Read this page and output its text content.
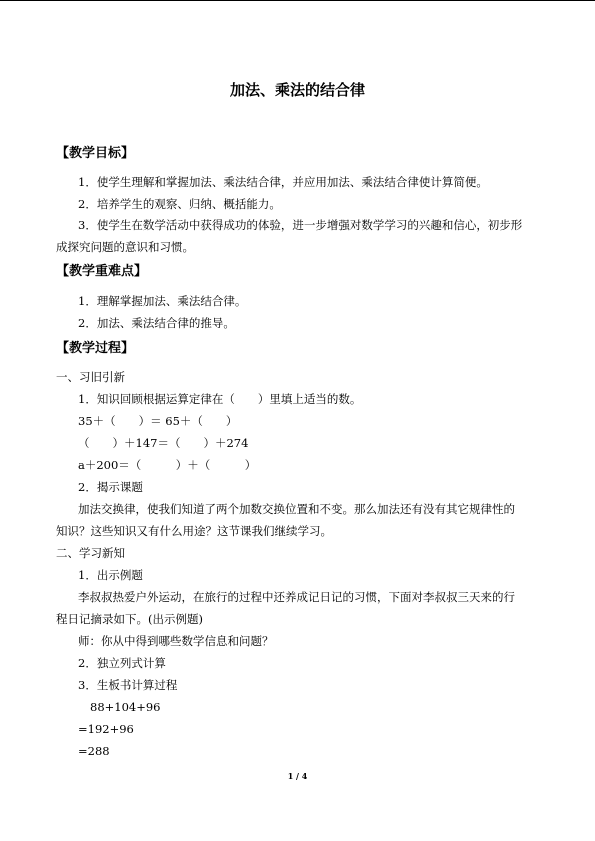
加法、乘法的结合律
【教学目标】
1．使学生理解和掌握加法、乘法结合律，并应用加法、乘法结合律使计算简便。
2．培养学生的观察、归纳、概括能力。
3．使学生在数学活动中获得成功的体验，进一步增强对数学学习的兴趣和信心，初步形
成探究问题的意识和习惯。
【教学重难点】
1．理解掌握加法、乘法结合律。
2．加法、乘法结合律的推导。
【教学过程】
一、习旧引新
1．知识回顾根据运算定律在（　　）里填上适当的数。
35＋（　　）＝ 65＋（　　）
（　　）＋147＝（　　）＋274
a＋200＝（　　　）＋（　　　）
2．揭示课题
加法交换律，使我们知道了两个加数交换位置和不变。那么加法还有没有其它规律性的
知识？这些知识又有什么用途？这节课我们继续学习。
二、学习新知
1．出示例题
李叔叔热爱户外运动，在旅行的过程中还养成记日记的习惯，下面对李叔叔三天来的行
程日记摘录如下。(出示例题)
师：你从中得到哪些数学信息和问题？
2．独立列式计算
3．生板书计算过程
88+104+96
=192+96
=288
1 / 4
